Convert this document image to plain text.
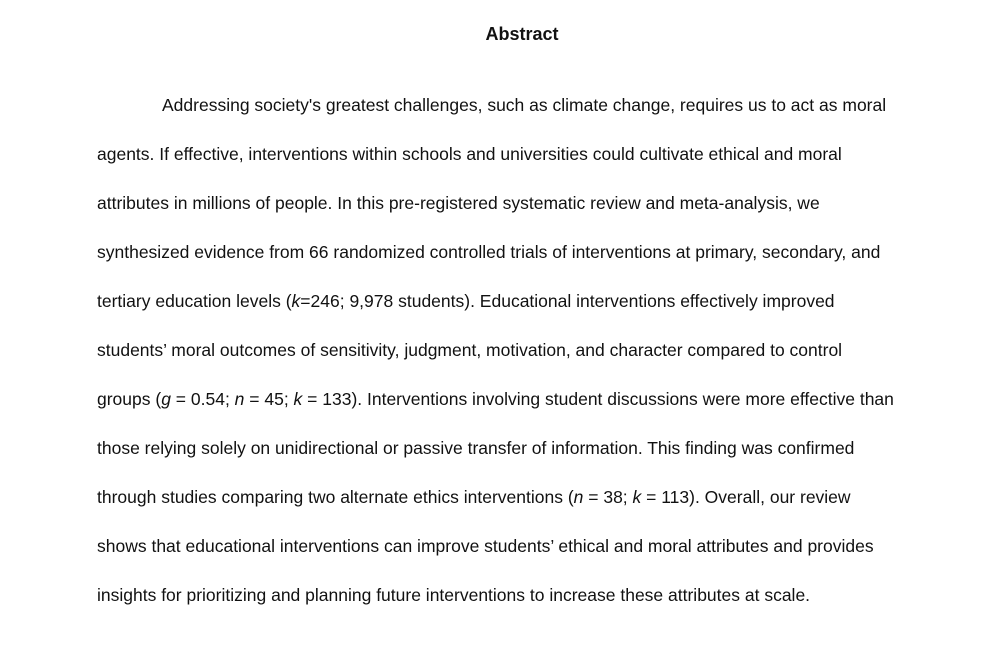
Abstract
Addressing society's greatest challenges, such as climate change, requires us to act as moral
agents. If effective, interventions within schools and universities could cultivate ethical and moral
attributes in millions of people. In this pre-registered systematic review and meta-analysis, we
synthesized evidence from 66 randomized controlled trials of interventions at primary, secondary, and
tertiary education levels (k=246; 9,978 students). Educational interventions effectively improved
students’ moral outcomes of sensitivity, judgment, motivation, and character compared to control
groups (g = 0.54; n = 45; k = 133). Interventions involving student discussions were more effective than
those relying solely on unidirectional or passive transfer of information. This finding was confirmed
through studies comparing two alternate ethics interventions (n = 38; k = 113). Overall, our review
shows that educational interventions can improve students’ ethical and moral attributes and provides
insights for prioritizing and planning future interventions to increase these attributes at scale.
